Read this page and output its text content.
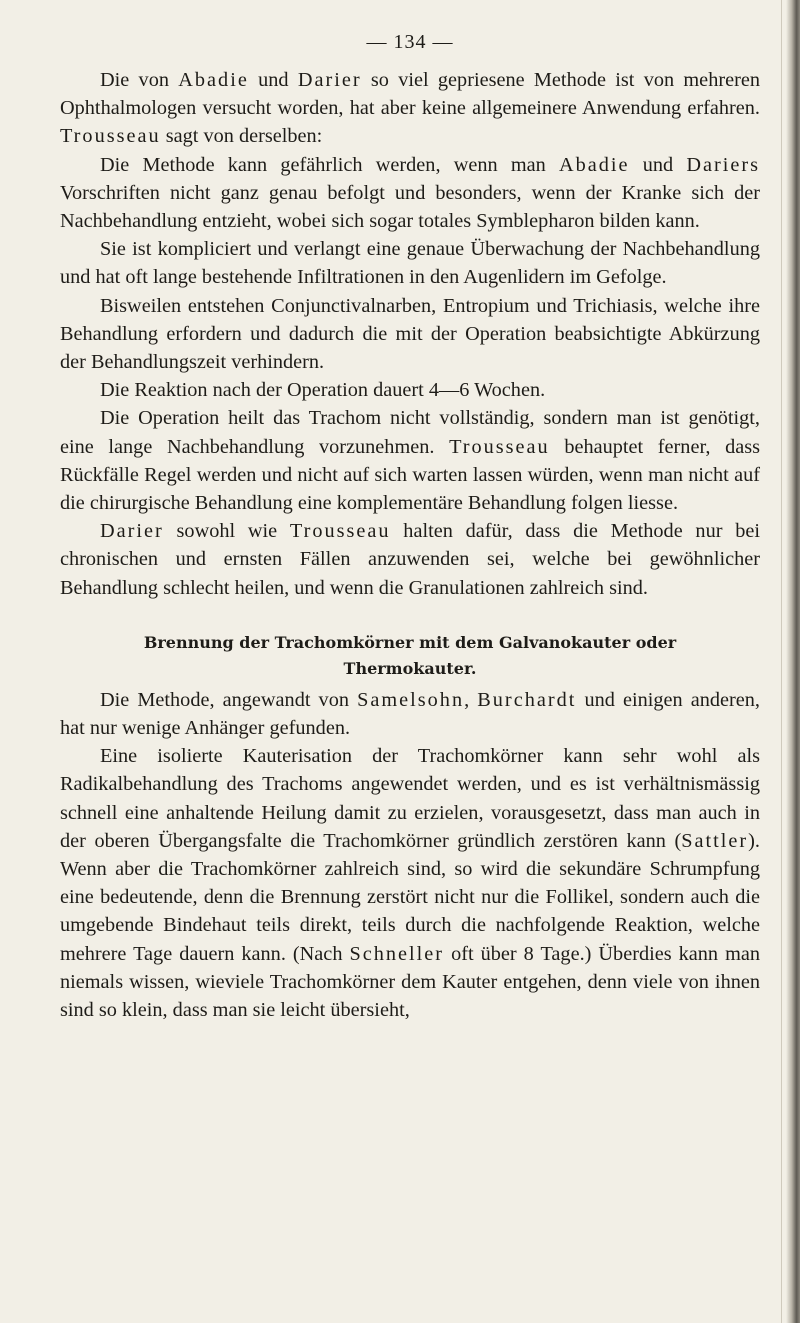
— 134 —

Die von Abadie und Darier so viel gepriesene Methode ist von mehreren Ophthalmologen versucht worden, hat aber keine allgemeinere Anwendung erfahren. Trousseau sagt von derselben:

Die Methode kann gefährlich werden, wenn man Abadie und Dariers Vorschriften nicht ganz genau befolgt und besonders, wenn der Kranke sich der Nachbehandlung entzieht, wobei sich sogar totales Symblepharon bilden kann.

Sie ist kompliciert und verlangt eine genaue Überwachung der Nachbehandlung und hat oft lange bestehende Infiltrationen in den Augenlidern im Gefolge.

Bisweilen entstehen Conjunctivalnarben, Entropium und Trichiasis, welche ihre Behandlung erfordern und dadurch die mit der Operation beabsichtigte Abkürzung der Behandlungszeit verhindern.

Die Reaktion nach der Operation dauert 4—6 Wochen.

Die Operation heilt das Trachom nicht vollständig, sondern man ist genötigt, eine lange Nachbehandlung vorzunehmen. Trousseau behauptet ferner, dass Rückfälle Regel werden und nicht auf sich warten lassen würden, wenn man nicht auf die chirurgische Behandlung eine komplementäre Behandlung folgen liesse.

Darier sowohl wie Trousseau halten dafür, dass die Methode nur bei chronischen und ernsten Fällen anzuwenden sei, welche bei gewöhnlicher Behandlung schlecht heilen, und wenn die Granulationen zahlreich sind.

Brennung der Trachomkörner mit dem Galvanokauter oder
Thermokauter.

Die Methode, angewandt von Samelsohn, Burchardt und einigen anderen, hat nur wenige Anhänger gefunden.

Eine isolierte Kauterisation der Trachomkörner kann sehr wohl als Radikalbehandlung des Trachoms angewendet werden, und es ist verhältnismässig schnell eine anhaltende Heilung damit zu erzielen, vorausgesetzt, dass man auch in der oberen Übergangsfalte die Trachomkörner gründlich zerstören kann (Sattler). Wenn aber die Trachomkörner zahlreich sind, so wird die sekundäre Schrumpfung eine bedeutende, denn die Brennung zerstört nicht nur die Follikel, sondern auch die umgebende Bindehaut teils direkt, teils durch die nachfolgende Reaktion, welche mehrere Tage dauern kann. (Nach Schneller oft über 8 Tage.) Überdies kann man niemals wissen, wieviele Trachomkörner dem Kauter entgehen, denn viele von ihnen sind so klein, dass man sie leicht übersieht,
